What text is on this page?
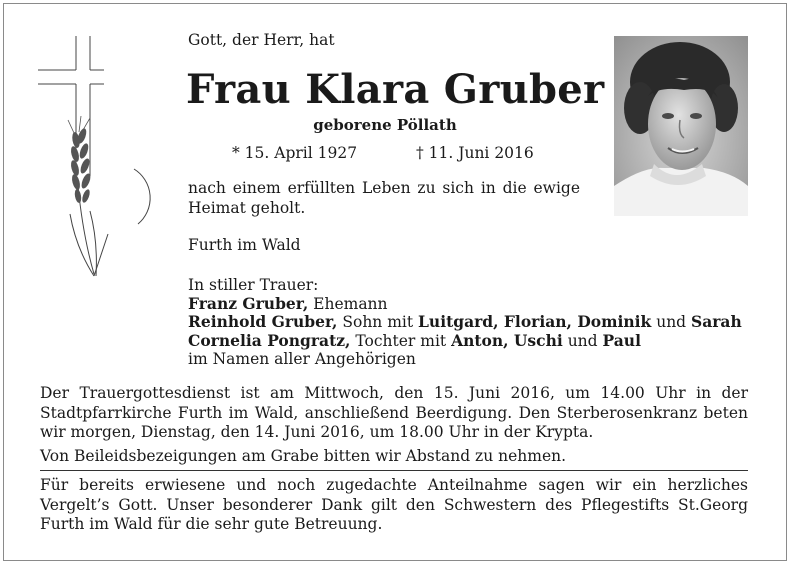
Gott, der Herr, hat

Frau Klara Gruber

geborene Pöllath

* 15. April 1927	† 11. Juni 2016

nach einem erfüllten Leben zu sich in die ewige Heimat geholt.

Furth im Wald

In stiller Trauer:
Franz Gruber, Ehemann
Reinhold Gruber, Sohn mit Luitgard, Florian, Dominik und Sarah
Cornelia Pongratz, Tochter mit Anton, Uschi und Paul
im Namen aller Angehörigen

Der Trauergottesdienst ist am Mittwoch, den 15. Juni 2016, um 14.00 Uhr in der Stadtpfarrkirche Furth im Wald, anschließend Beerdigung. Den Sterberosenkranz beten wir morgen, Dienstag, den 14. Juni 2016, um 18.00 Uhr in der Krypta.

Von Beileidsbezeigungen am Grabe bitten wir Abstand zu nehmen.

Für bereits erwiesene und noch zugedachte Anteilnahme sagen wir ein herzliches Vergelt’s Gott. Unser besonderer Dank gilt den Schwestern des Pflegestifts St.Georg Furth im Wald für die sehr gute Betreuung.
